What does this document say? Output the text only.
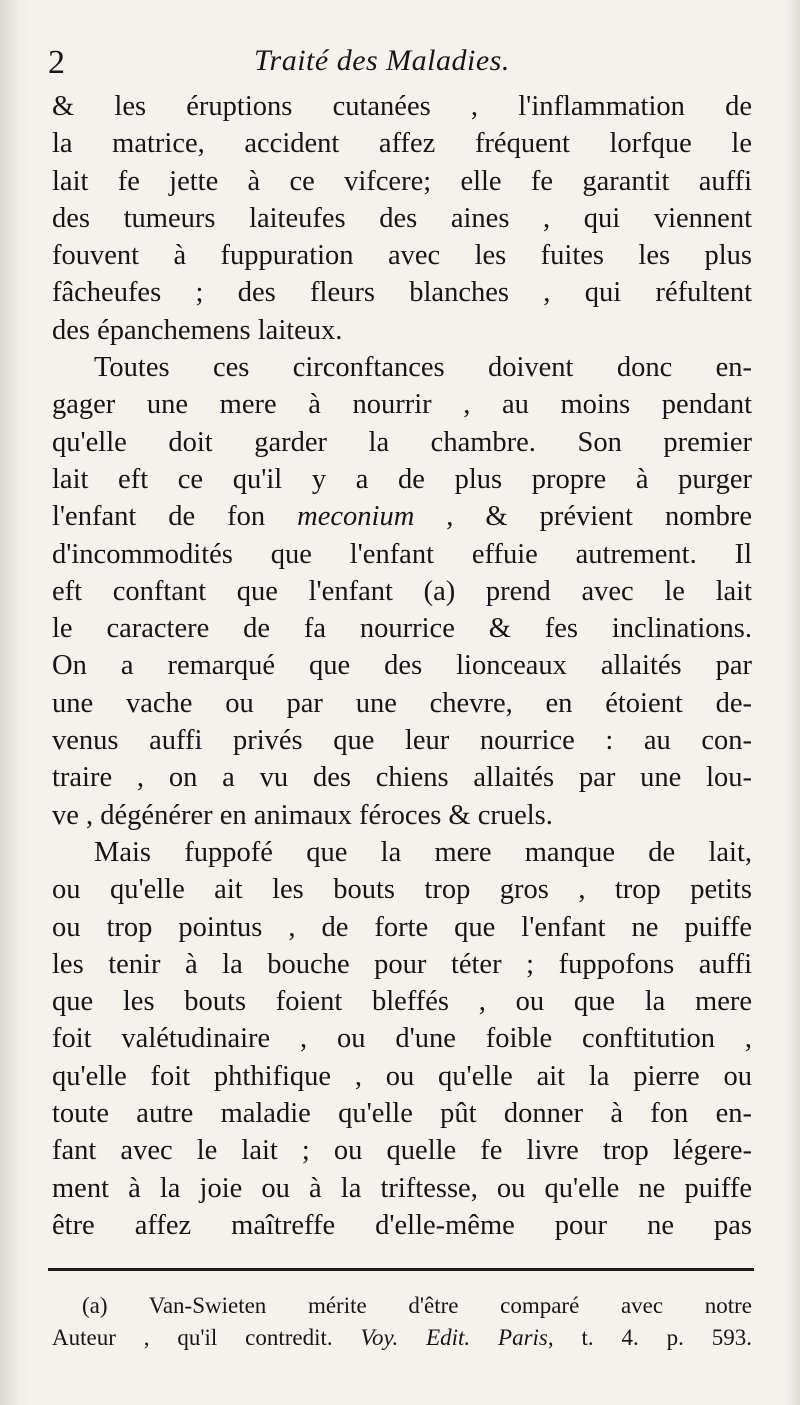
2	Traité des Maladies.
& les éruptions cutanées , l'inflammation de
la matrice, accident affez fréquent lorfque le
lait fe jette à ce vifcere; elle fe garantit auffi
des tumeurs laiteufes des aines , qui viennent
fouvent à fuppuration avec les fuites les plus
fâcheufes ; des fleurs blanches , qui réfultent
des épanchemens laiteux.
Toutes ces circonftances doivent donc en-
gager une mere à nourrir , au moins pendant
qu'elle doit garder la chambre. Son premier
lait eft ce qu'il y a de plus propre à purger
l'enfant de fon meconium , & prévient nombre
d'incommodités que l'enfant effuie autrement. Il
eft conftant que l'enfant (a) prend avec le lait
le caractere de fa nourrice & fes inclinations.
On a remarqué que des lionceaux allaités par
une vache ou par une chevre, en étoient de-
venus auffi privés que leur nourrice : au con-
traire , on a vu des chiens allaités par une lou-
ve , dégénérer en animaux féroces & cruels.
Mais fuppofé que la mere manque de lait,
ou qu'elle ait les bouts trop gros , trop petits
ou trop pointus , de forte que l'enfant ne puiffe
les tenir à la bouche pour téter ; fuppofons auffi
que les bouts foient bleffés , ou que la mere
foit valétudinaire , ou d'une foible conftitution ,
qu'elle foit phthifique , ou qu'elle ait la pierre ou
toute autre maladie qu'elle pût donner à fon en-
fant avec le lait ; ou quelle fe livre trop légere-
ment à la joie ou à la triftesse, ou qu'elle ne puiffe
être affez maîtreffe d'elle-même pour ne pas
(a) Van-Swieten mérite d'être comparé avec notre
Auteur , qu'il contredit. Voy. Edit. Paris, t. 4. p. 593.
